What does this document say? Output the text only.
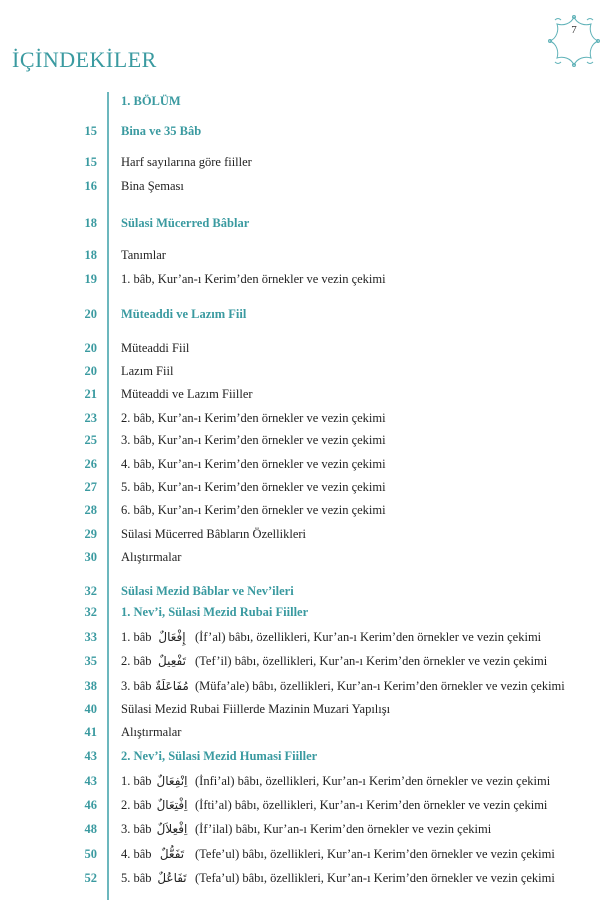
7
İÇİNDEKİLER
1. BÖLÜM
15 Bina ve 35 Bâb
15 Harf sayılarına göre fiiller
16 Bina Şeması
18 Sülasi Mücerred Bâblar
18 Tanımlar
19 1. bâb, Kur’an-ı Kerim’den örnekler ve vezin çekimi
20 Müteaddi ve Lazım Fiil
20 Müteaddi Fiil
20 Lazım Fiil
21 Müteaddi ve Lazım Fiiller
23 2. bâb, Kur’an-ı Kerim’den örnekler ve vezin çekimi
25 3. bâb, Kur’an-ı Kerim’den örnekler ve vezin çekimi
26 4. bâb, Kur’an-ı Kerim’den örnekler ve vezin çekimi
27 5. bâb, Kur’an-ı Kerim’den örnekler ve vezin çekimi
28 6. bâb, Kur’an-ı Kerim’den örnekler ve vezin çekimi
29 Sülasi Mücerred Bâbların Özellikleri
30 Alıştırmalar
32 Sülasi Mezid Bâblar ve Nev’ileri
32 1. Nev’i, Sülasi Mezid Rubai Fiiller
33 1. bâb إِفْعَالٌ (İf’al) bâbı, özellikleri, Kur’an-ı Kerim’den örnekler ve vezin çekimi
35 2. bâb تَفْعِيلٌ (Tef’il) bâbı, özellikleri, Kur’an-ı Kerim’den örnekler ve vezin çekimi
38 3. bâb مُفَاعَلَةٌ (Müfa’ale) bâbı, özellikleri, Kur’an-ı Kerim’den örnekler ve vezin çekimi
40 Sülasi Mezid Rubai Fiillerde Mazinin Muzari Yapılışı
41 Alıştırmalar
43 2. Nev’i, Sülasi Mezid Humasi Fiiller
43 1. bâb اِنْفِعَالٌ (İnfi’al) bâbı, özellikleri, Kur’an-ı Kerim’den örnekler ve vezin çekimi
46 2. bâb اِفْتِعَالٌ (İfti’al) bâbı, özellikleri, Kur’an-ı Kerim’den örnekler ve vezin çekimi
48 3. bâb اِفْعِلاَلٌ (İf’ilal) bâbı, Kur’an-ı Kerim’den örnekler ve vezin çekimi
50 4. bâb تَفَعُّلٌ (Tefe’ul) bâbı, özellikleri, Kur’an-ı Kerim’den örnekler ve vezin çekimi
52 5. bâb تَفَاعُلٌ (Tefa’ul) bâbı, özellikleri, Kur’an-ı Kerim’den örnekler ve vezin çekimi
